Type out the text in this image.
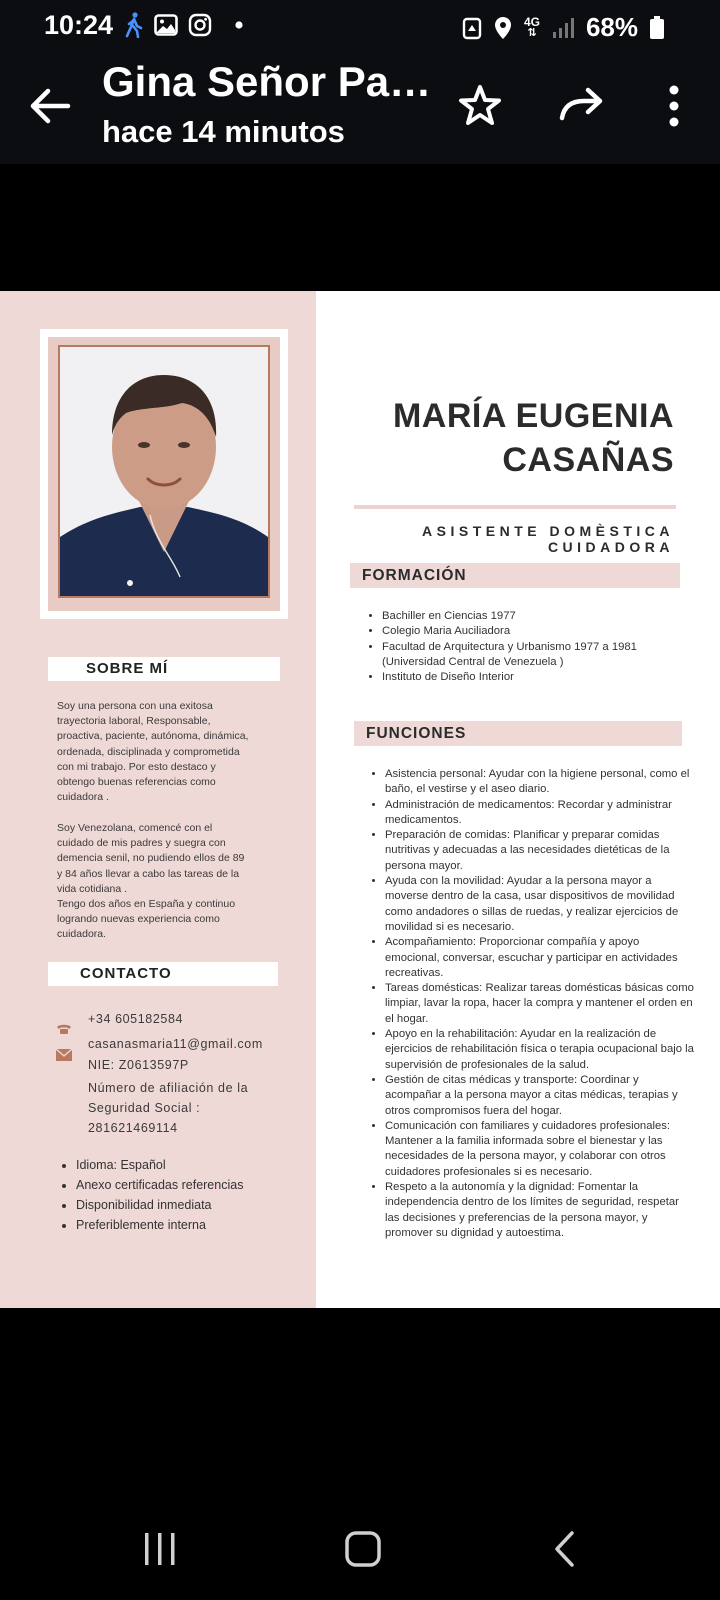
10:24	4G
⇅ 68%
Gina Señor Pa…
hace 14 minutos
SOBRE MÍ
Soy una persona con una exitosa
trayectoria laboral, Responsable,
proactiva, paciente, autónoma, dinámica,
ordenada, disciplinada y comprometida
con mi trabajo. Por esto destaco y
obtengo buenas referencias como
cuidadora .
Soy Venezolana, comencé con el
cuidado de mis padres y suegra con
demencia senil, no pudiendo ellos de 89
y 84 años llevar a cabo las tareas de la
vida cotidiana .
Tengo dos años en España y continuo
logrando nuevas experiencia como
cuidadora.
CONTACTO
+34 605182584
casanasmaria11@gmail.com
NIE: Z0613597P
Número de afiliación de la
Seguridad Social :
281621469114
• Idioma: Español
• Anexo certificadas referencias
• Disponibilidad inmediata
• Preferiblemente interna
MARÍA EUGENIA
CASAÑAS
ASISTENTE DOMÈSTICA
CUIDADORA
FORMACIÓN
• Bachiller en Ciencias 1977
• Colegio Maria Auciliadora
• Facultad de Arquitectura y Urbanismo 1977 a 1981 (Universidad Central de Venezuela )
• Instituto de Diseño Interior
FUNCIONES
• Asistencia personal: Ayudar con la higiene personal, como el baño, el vestirse y el aseo diario.
• Administración de medicamentos: Recordar y administrar medicamentos.
• Preparación de comidas: Planificar y preparar comidas nutritivas y adecuadas a las necesidades dietéticas de la persona mayor.
• Ayuda con la movilidad: Ayudar a la persona mayor a moverse dentro de la casa, usar dispositivos de movilidad como andadores o sillas de ruedas, y realizar ejercicios de movilidad si es necesario.
• Acompañamiento: Proporcionar compañía y apoyo emocional, conversar, escuchar y participar en actividades recreativas.
• Tareas domésticas: Realizar tareas domésticas básicas como limpiar, lavar la ropa, hacer la compra y mantener el orden en el hogar.
• Apoyo en la rehabilitación: Ayudar en la realización de ejercicios de rehabilitación física o terapia ocupacional bajo la supervisión de profesionales de la salud.
• Gestión de citas médicas y transporte: Coordinar y acompañar a la persona mayor a citas médicas, terapias y otros compromisos fuera del hogar.
• Comunicación con familiares y cuidadores profesionales: Mantener a la familia informada sobre el bienestar y las necesidades de la persona mayor, y colaborar con otros cuidadores profesionales si es necesario.
• Respeto a la autonomía y la dignidad: Fomentar la independencia dentro de los límites de seguridad, respetar las decisiones y preferencias de la persona mayor, y promover su dignidad y autoestima.
